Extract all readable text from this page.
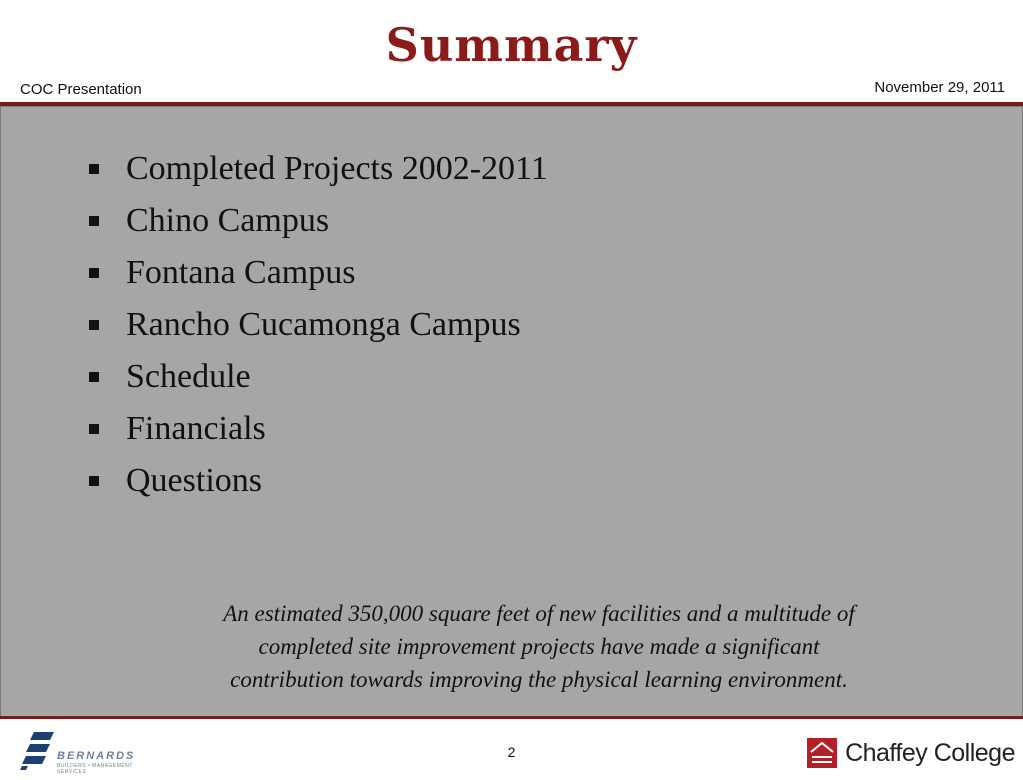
Summary
COC Presentation	November 29, 2011
Completed Projects 2002-2011
Chino Campus
Fontana Campus
Rancho Cucamonga Campus
Schedule
Financials
Questions
An estimated 350,000 square feet of new facilities and a multitude of completed site improvement projects have made a significant contribution towards improving the physical learning environment.
BERNARDS
BUILDERS • MANAGEMENT SERVICES
2	Chaffey College
